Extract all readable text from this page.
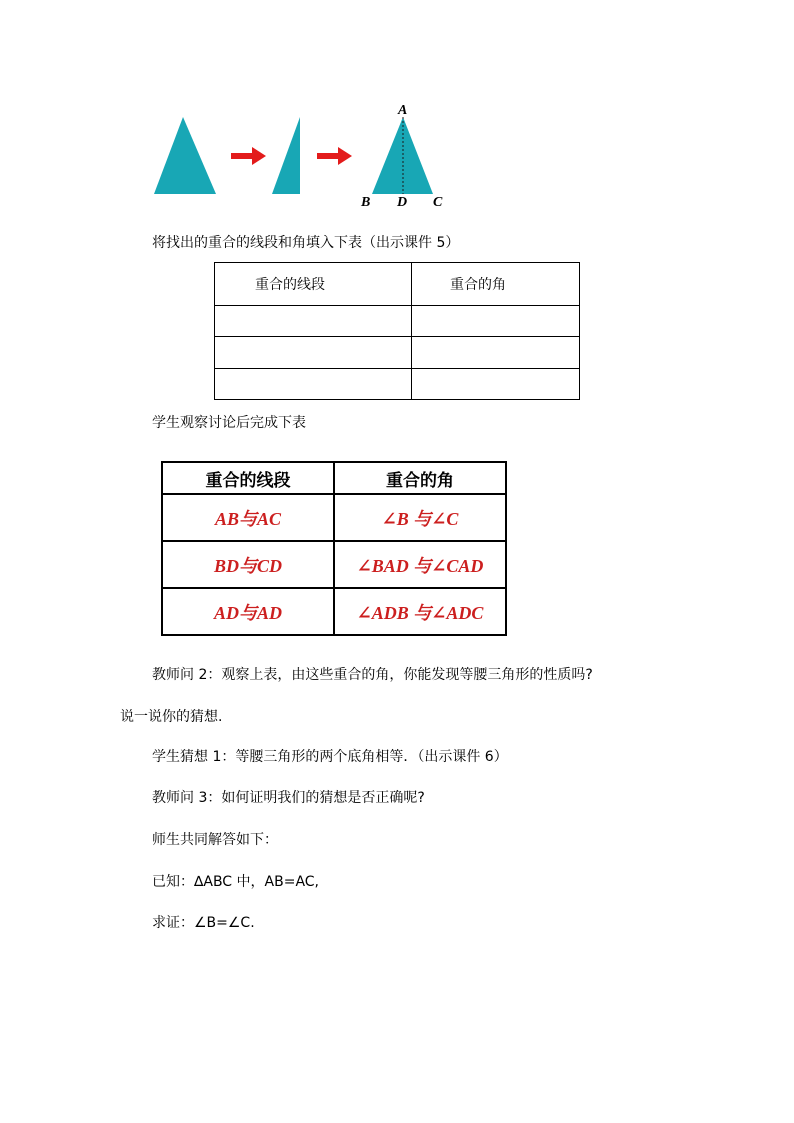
A
B D C
将找出的重合的线段和角填入下表（出示课件 5）
重合的线段	重合的角

学生观察讨论后完成下表
重合的线段	重合的角
AB与AC	∠B 与∠C
BD与CD	∠BAD 与∠CAD
AD与AD	∠ADB 与∠ADC
教师问 2：观察上表，由这些重合的角，你能发现等腰三角形的性质吗?
说一说你的猜想.
学生猜想 1：等腰三角形的两个底角相等．（出示课件 6）
教师问 3：如何证明我们的猜想是否正确呢?
师生共同解答如下：
已知：∆ABC 中，AB=AC,
求证：∠B=∠C.
